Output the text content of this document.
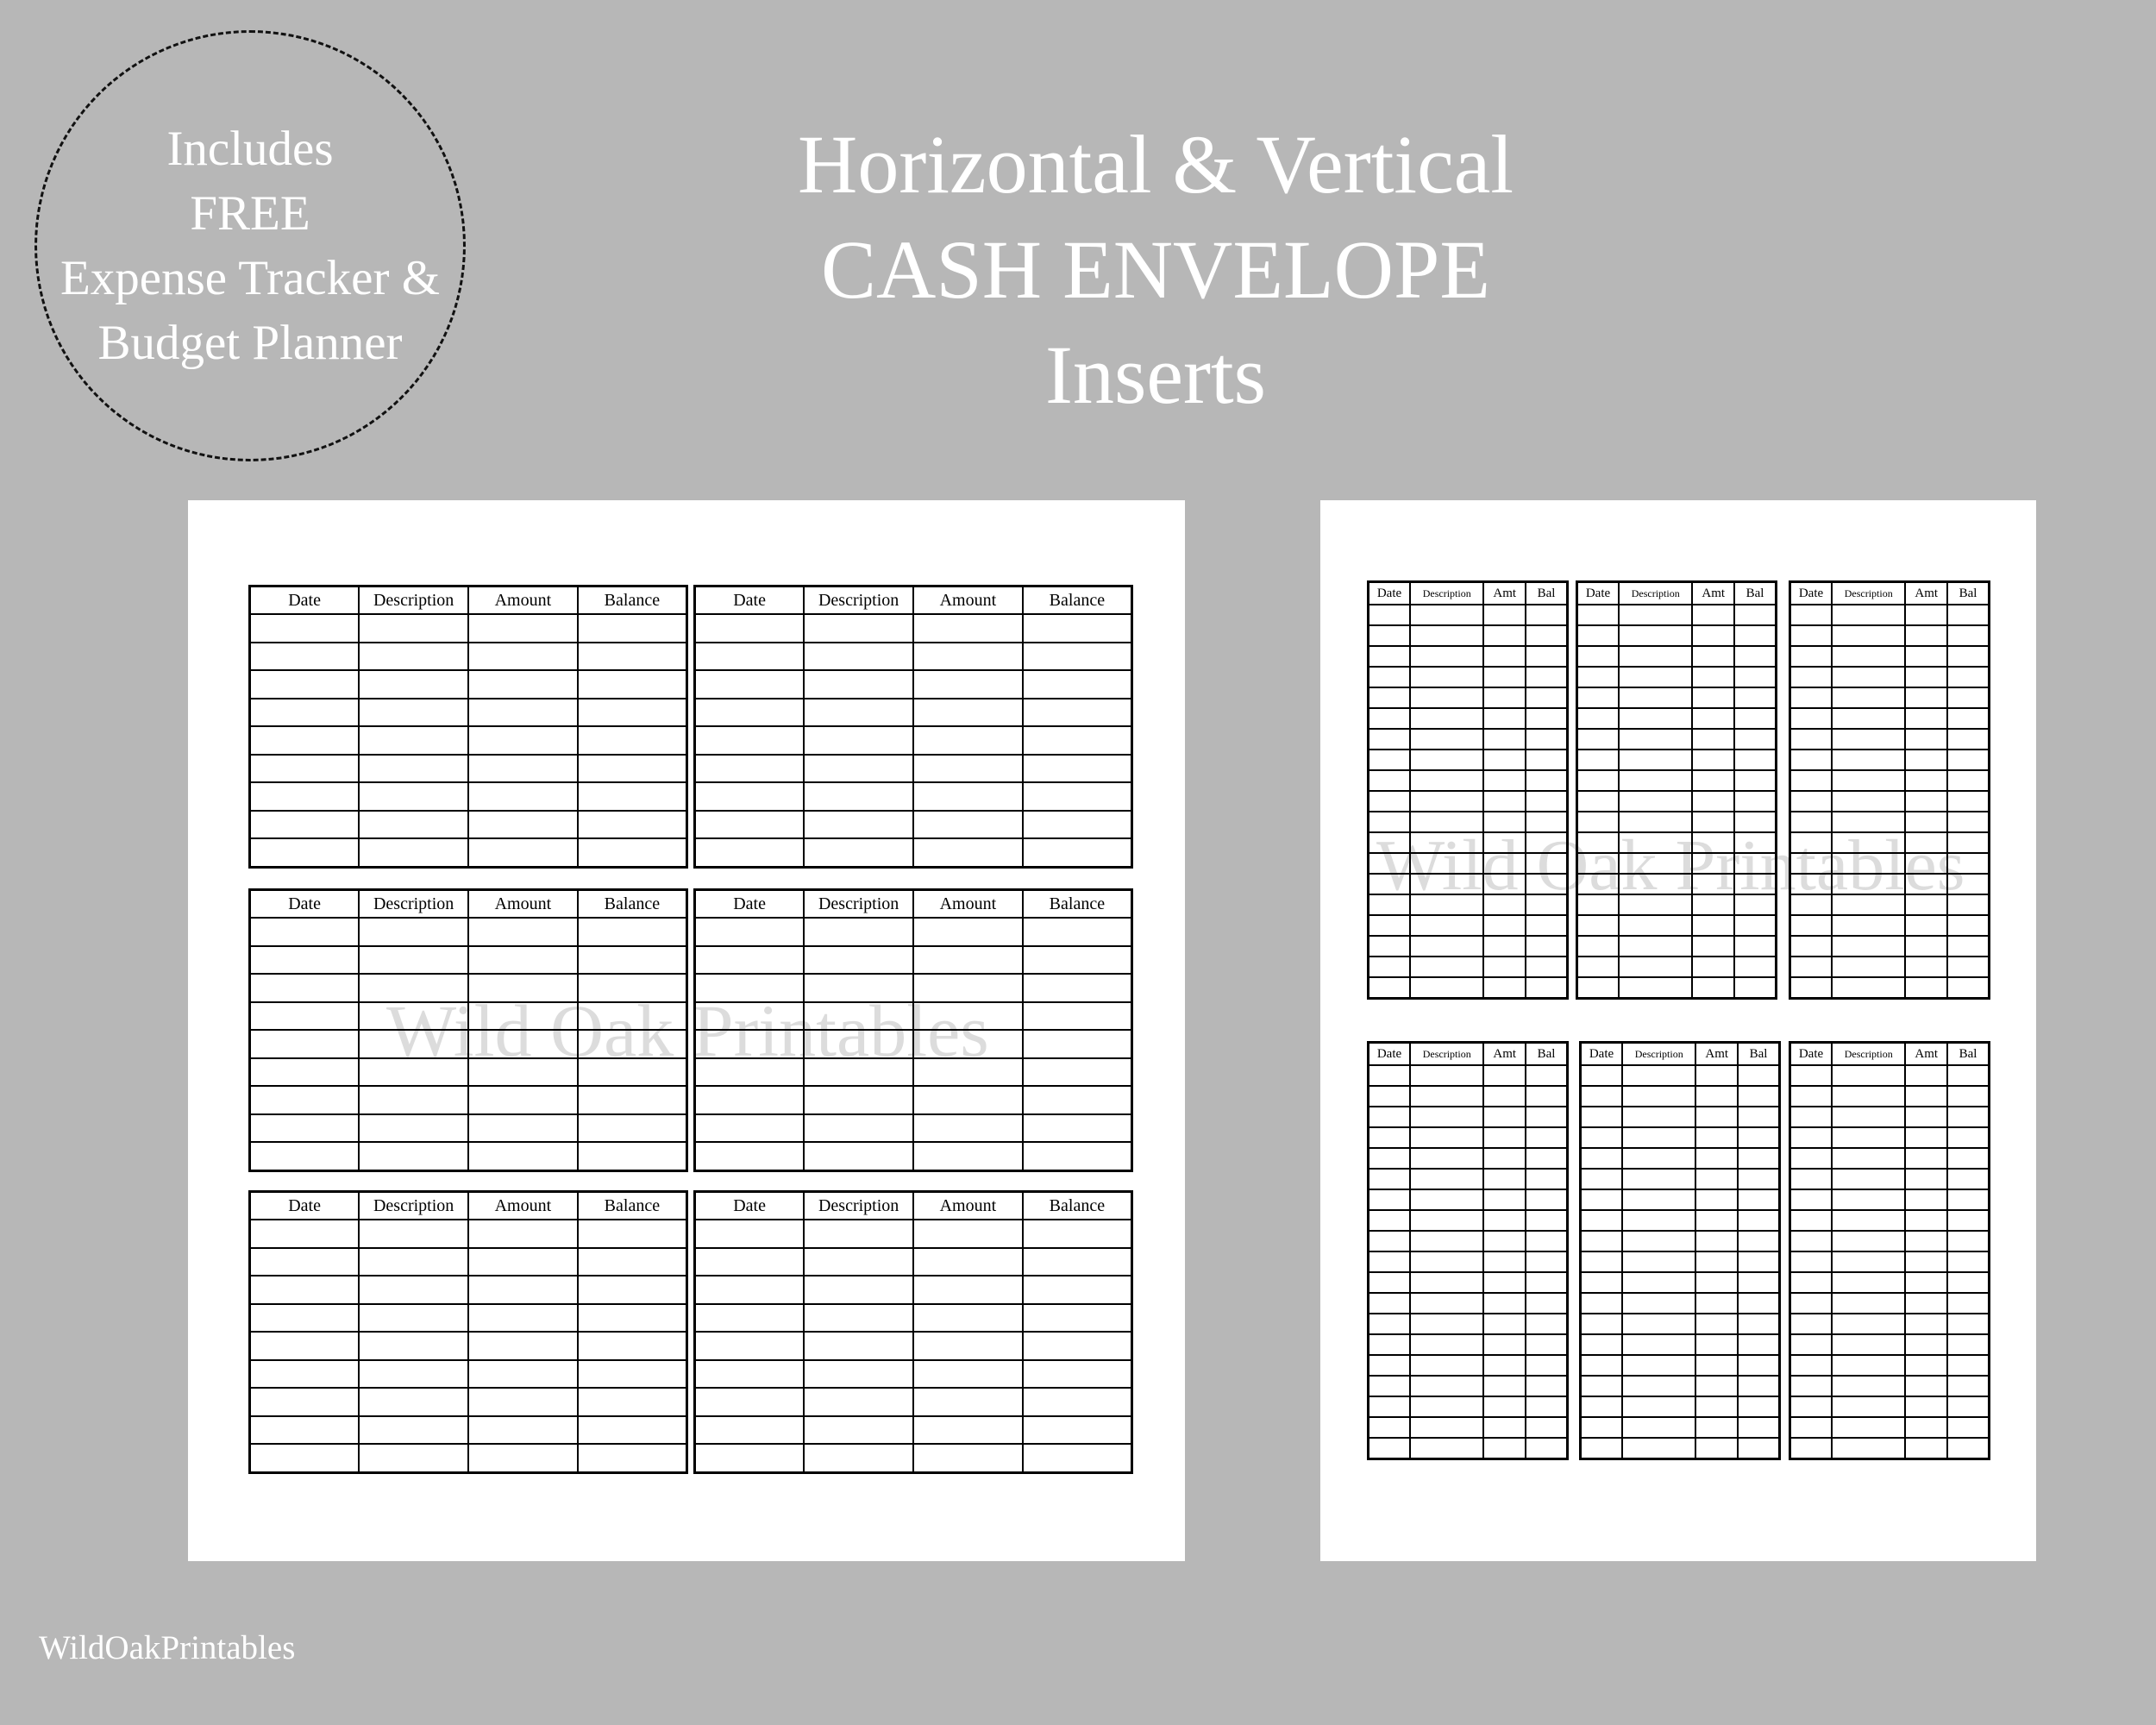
Includes
FREE
Expense Tracker &
Budget Planner
Horizontal & Vertical
CASH ENVELOPE
Inserts
Wild Oak Printables
Date	Description	Amount	Balance

				Date	Description	Amount	Balance

Date	Description	Amount	Balance

				Date	Description	Amount	Balance

Date	Description	Amount	Balance

				Date	Description	Amount	Balance

Wild Oak Printables
Date	Description	Amt	Bal

			Date	Description	Amt	Bal

				Date	Description	Amt	Bal

Date	Description	Amt	Bal

				Date	Description	Amt	Bal

			Date	Description	Amt	Bal

WildOakPrintables
